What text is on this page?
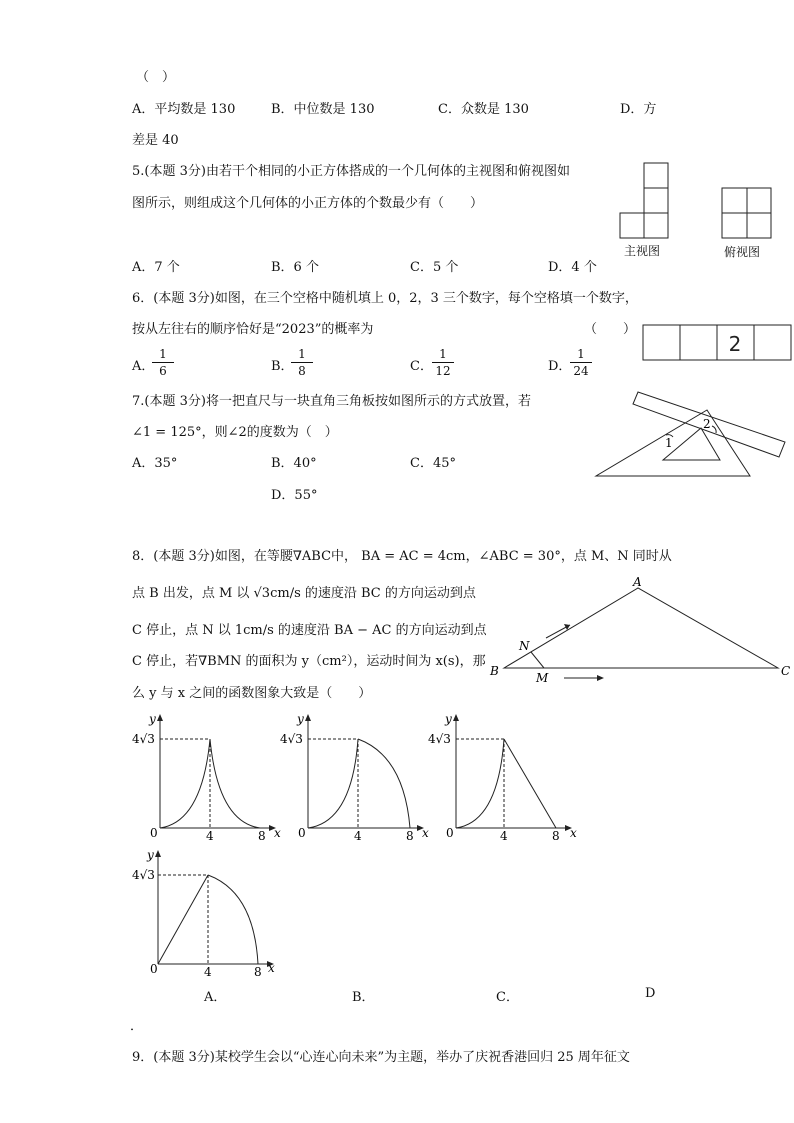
（　）
A．平均数是 130	B．中位数是 130	C．众数是 130	D．方
差是 40
5.(本题 3分)由若干个相同的小正方体搭成的一个几何体的主视图和俯视图如
图所示，则组成这个几何体的小正方体的个数最少有（　　）
主视图	俯视图
A．7 个	B．6 个	C．5 个	D．4 个
6．(本题 3分)如图，在三个空格中随机填上 0，2，3 三个数字，每个空格填一个数字，
按从左往右的顺序恰好是“2023”的概率为	（　　）
2
A．
$\frac{1}{6}$	B．
$\frac{1}{8}$	C． $\frac{1}{12}$	D．
$\frac{1}{24}$
7.(本题 3分)将一把直尺与一块直角三角板按如图所示的方式放置，若
∠1 = 125°，则∠2的度数为（　）
A．35°	B．40°	C．45°
D．55°
1
2
8．(本题 3分)如图，在等腰∇ABC中， BA = AC = 4cm，∠ABC = 30°，点 M、N 同时从
点 B 出发，点 M 以 √3cm/s 的速度沿 BC 的方向运动到点
C 停止，点 N 以 1cm/s 的速度沿 BA − AC 的方向运动到点
C 停止，若∇BMN 的面积为 y（cm²），运动时间为 x(s)，那
么 y 与 x 之间的函数图象大致是（　　）
A
B	C
N
M
y
x
4√3
0	4	8
y
x
4√3
0	4	8
y
x
4√3
0	4	8
y
x
4√3
0	4	8
A．	B．	C．	D
．
9．(本题 3分)某校学生会以“心连心向未来”为主题，举办了庆祝香港回归 25 周年征文
